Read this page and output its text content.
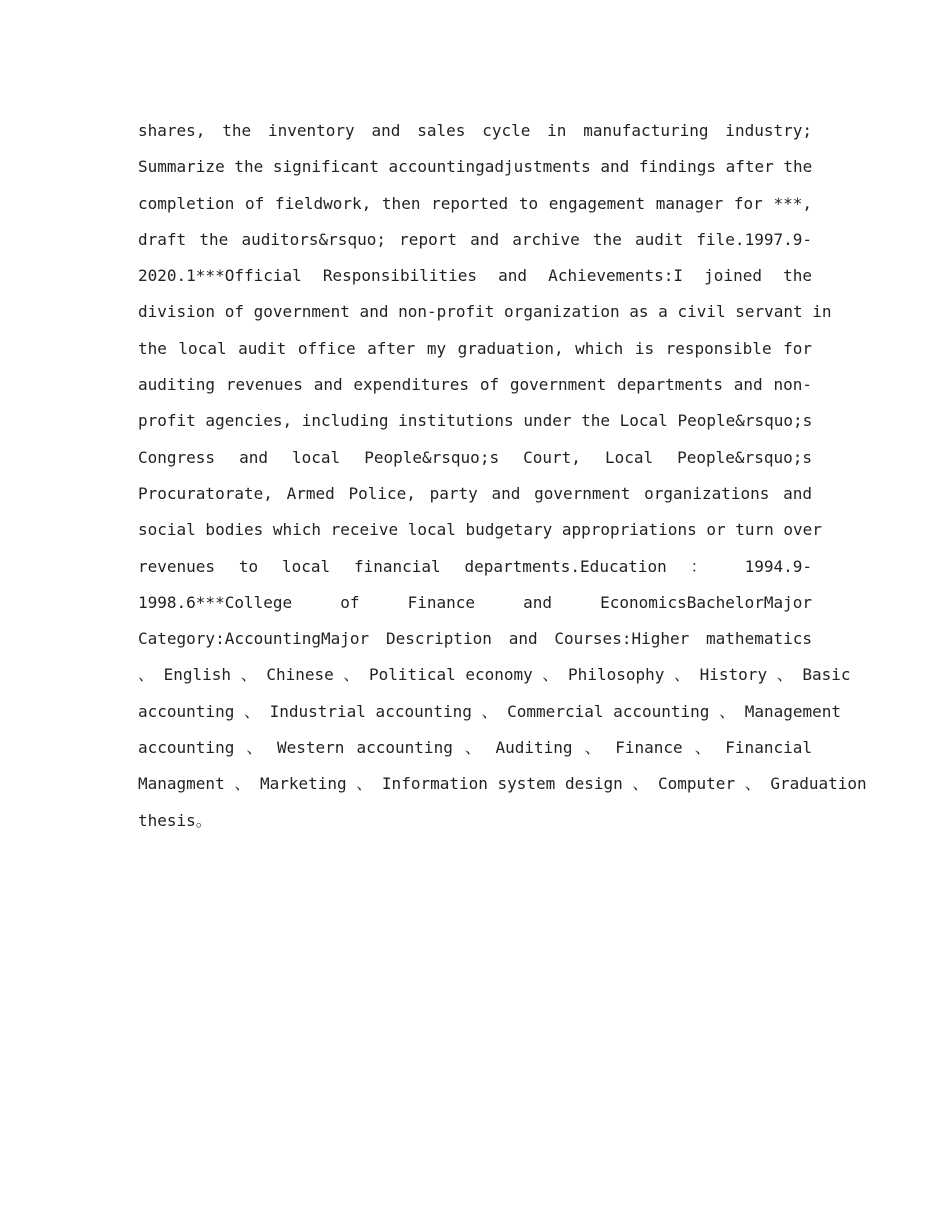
shares, the inventory and sales cycle in manufacturing industry;
Summarize the significant accountingadjustments and findings after the
completion of fieldwork, then reported to engagement manager for ***,
draft the auditors&rsquo; report and archive the audit file.1997.9-
2020.1***Official Responsibilities and Achievements:I joined the
division of government and non-profit organization as a civil servant in
the local audit office after my graduation, which is responsible for
auditing revenues and expenditures of government departments and non-
profit agencies, including institutions under the Local People&rsquo;s
Congress and local People&rsquo;s Court, Local People&rsquo;s
Procuratorate, Armed Police, party and government organizations and
social bodies which receive local budgetary appropriations or turn over
revenues to local financial departments.Education ： 1994.9-
1998.6***College of Finance and EconomicsBachelorMajor
Category:AccountingMajor Description and Courses:Higher mathematics
、 English 、 Chinese 、 Political economy 、 Philosophy 、 History 、 Basic
accounting 、 Industrial accounting 、 Commercial accounting 、 Management
accounting 、 Western accounting 、 Auditing 、 Finance 、 Financial
Managment 、 Marketing 、 Information system design 、 Computer 、 Graduation
thesis。
